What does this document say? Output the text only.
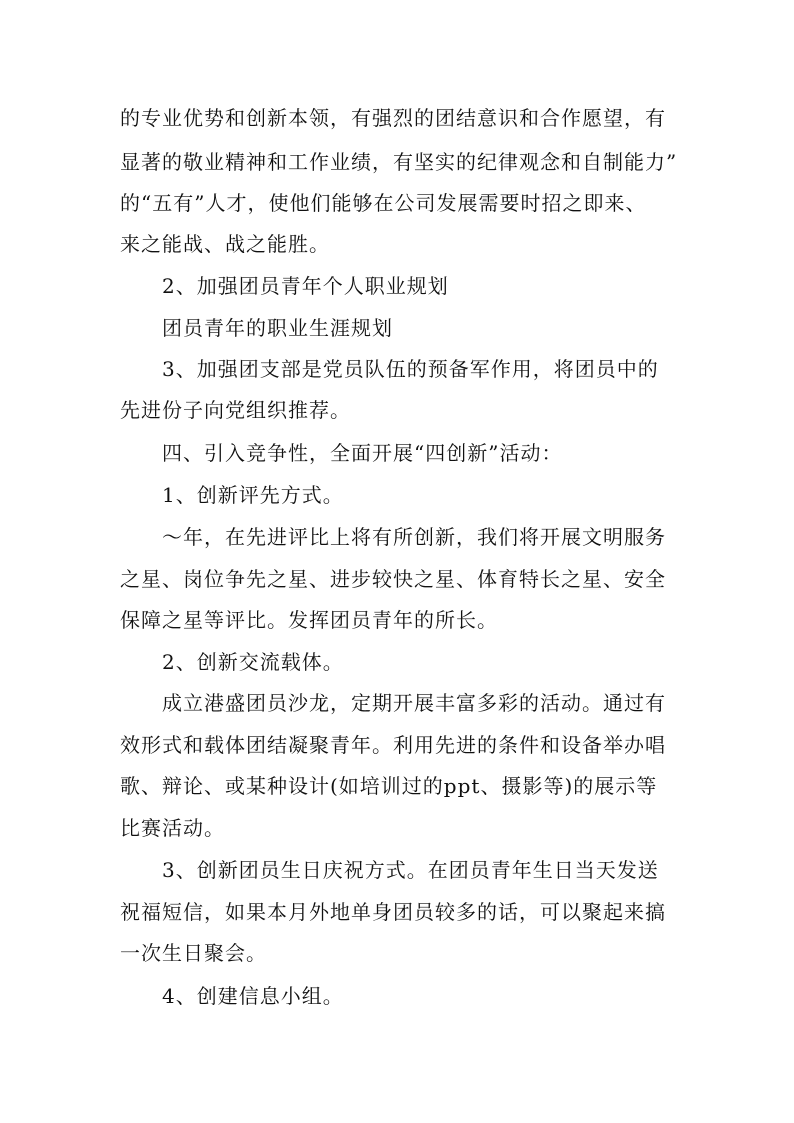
的专业优势和创新本领，有强烈的团结意识和合作愿望，有
显著的敬业精神和工作业绩，有坚实的纪律观念和自制能力”
的“五有”人才，使他们能够在公司发展需要时招之即来、
来之能战、战之能胜。
2、加强团员青年个人职业规划
团员青年的职业生涯规划
3、加强团支部是党员队伍的预备军作用，将团员中的
先进份子向党组织推荐。
四、引入竞争性，全面开展“四创新”活动：
1、创新评先方式。
～年，在先进评比上将有所创新，我们将开展文明服务
之星、岗位争先之星、进步较快之星、体育特长之星、安全
保障之星等评比。发挥团员青年的所长。
2、创新交流载体。
成立港盛团员沙龙，定期开展丰富多彩的活动。通过有
效形式和载体团结凝聚青年。利用先进的条件和设备举办唱
歌、辩论、或某种设计(如培训过的ppt、摄影等)的展示等
比赛活动。
3、创新团员生日庆祝方式。在团员青年生日当天发送
祝福短信，如果本月外地单身团员较多的话，可以聚起来搞
一次生日聚会。
4、创建信息小组。
